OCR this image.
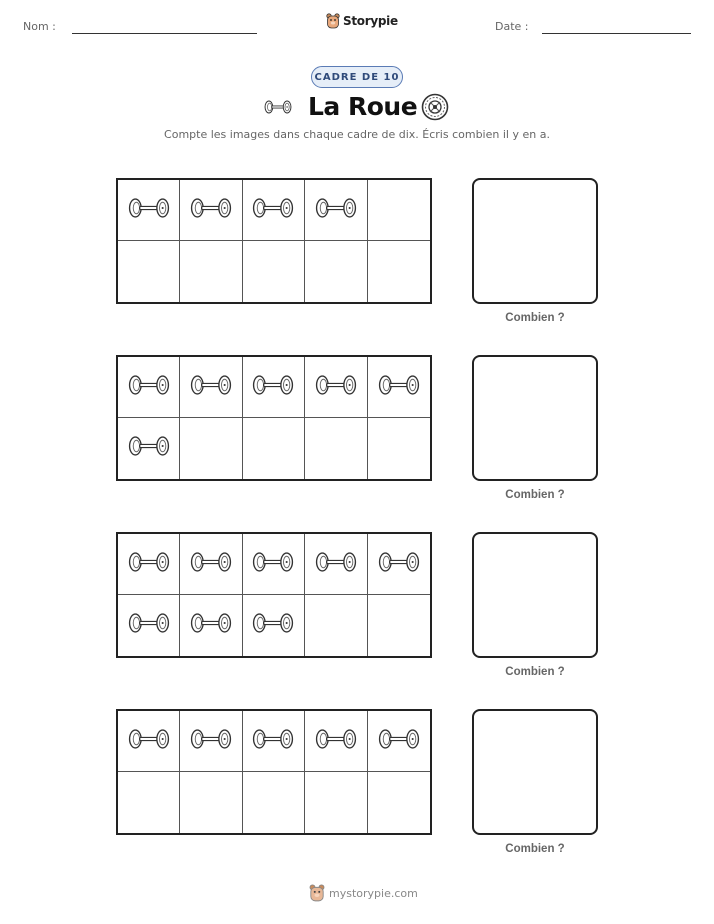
Nom :	Storypie	Date :
CADRE DE 10
La Roue
Compte les images dans chaque cadre de dix. Écris combien il y en a.
Combien ?
Combien ?
Combien ?
Combien ?
mystorypie.com
